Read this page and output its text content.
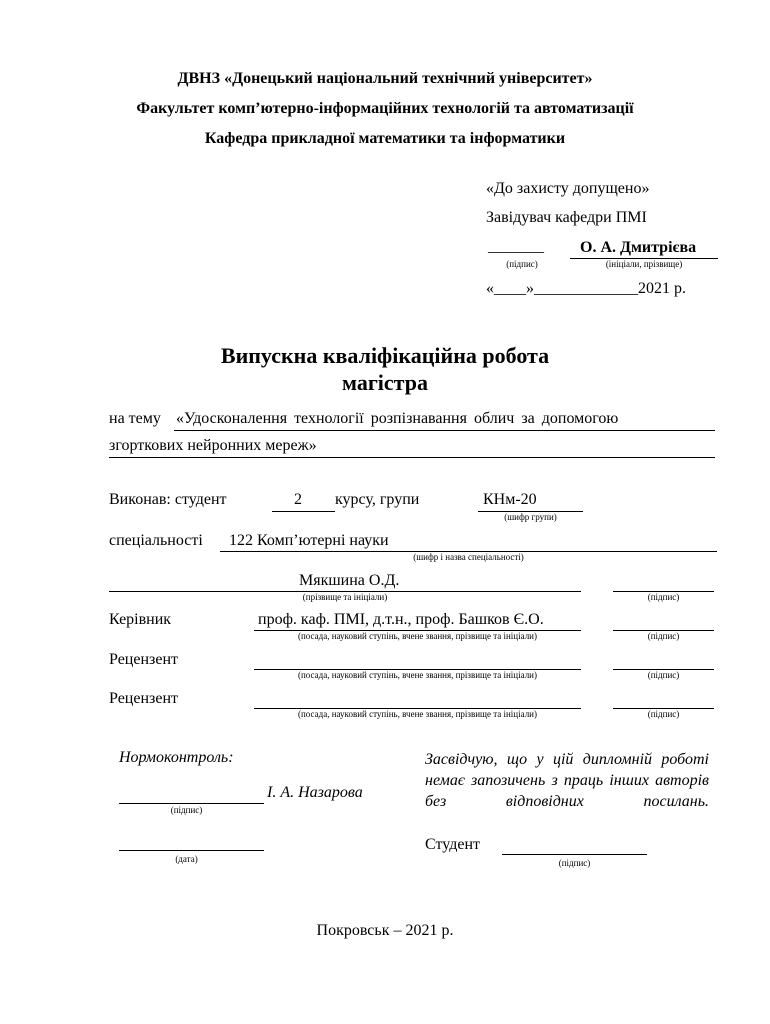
ДВНЗ «Донецький національний технічний університет»
Факультет комп’ютерно-інформаційних технологій та автоматизації
Кафедра прикладної математики та інформатики
«До захисту допущено»
Завідувач кафедри ПМІ
_______ О. А. Дмитрієва
(підпис)	(ініціали, прізвище)
«____»_____________2021 р.
Випускна кваліфікаційна робота
магістра
на тему «Удосконалення технології розпізнавання облич за допомогою
згорткових нейронних мереж»
Виконав: студент	2 курсу, групи	КНм-20
(шифр групи)
спеціальності 122 Комп’ютерні науки
(шифр і назва спеціальності)
Мякшина О.Д.
(прізвище та ініціали)	(підпис)
Керівник	проф. каф. ПМІ, д.т.н., проф. Башков Є.О.
(посада, науковий ступінь, вчене звання, прізвище та ініціали)	(підпис)
Рецензент
(посада, науковий ступінь, вчене звання, прізвище та ініціали)	(підпис)
Рецензент
(посада, науковий ступінь, вчене звання, прізвище та ініціали)	(підпис)
Нормоконтроль:
І. А. Назарова
(підпис)
(дата)
Засвідчую, що у цій дипломній роботі немає запозичень з праць інших авторів без відповідних посилань.
Студент
(підпис)
Покровськ – 2021 р.
